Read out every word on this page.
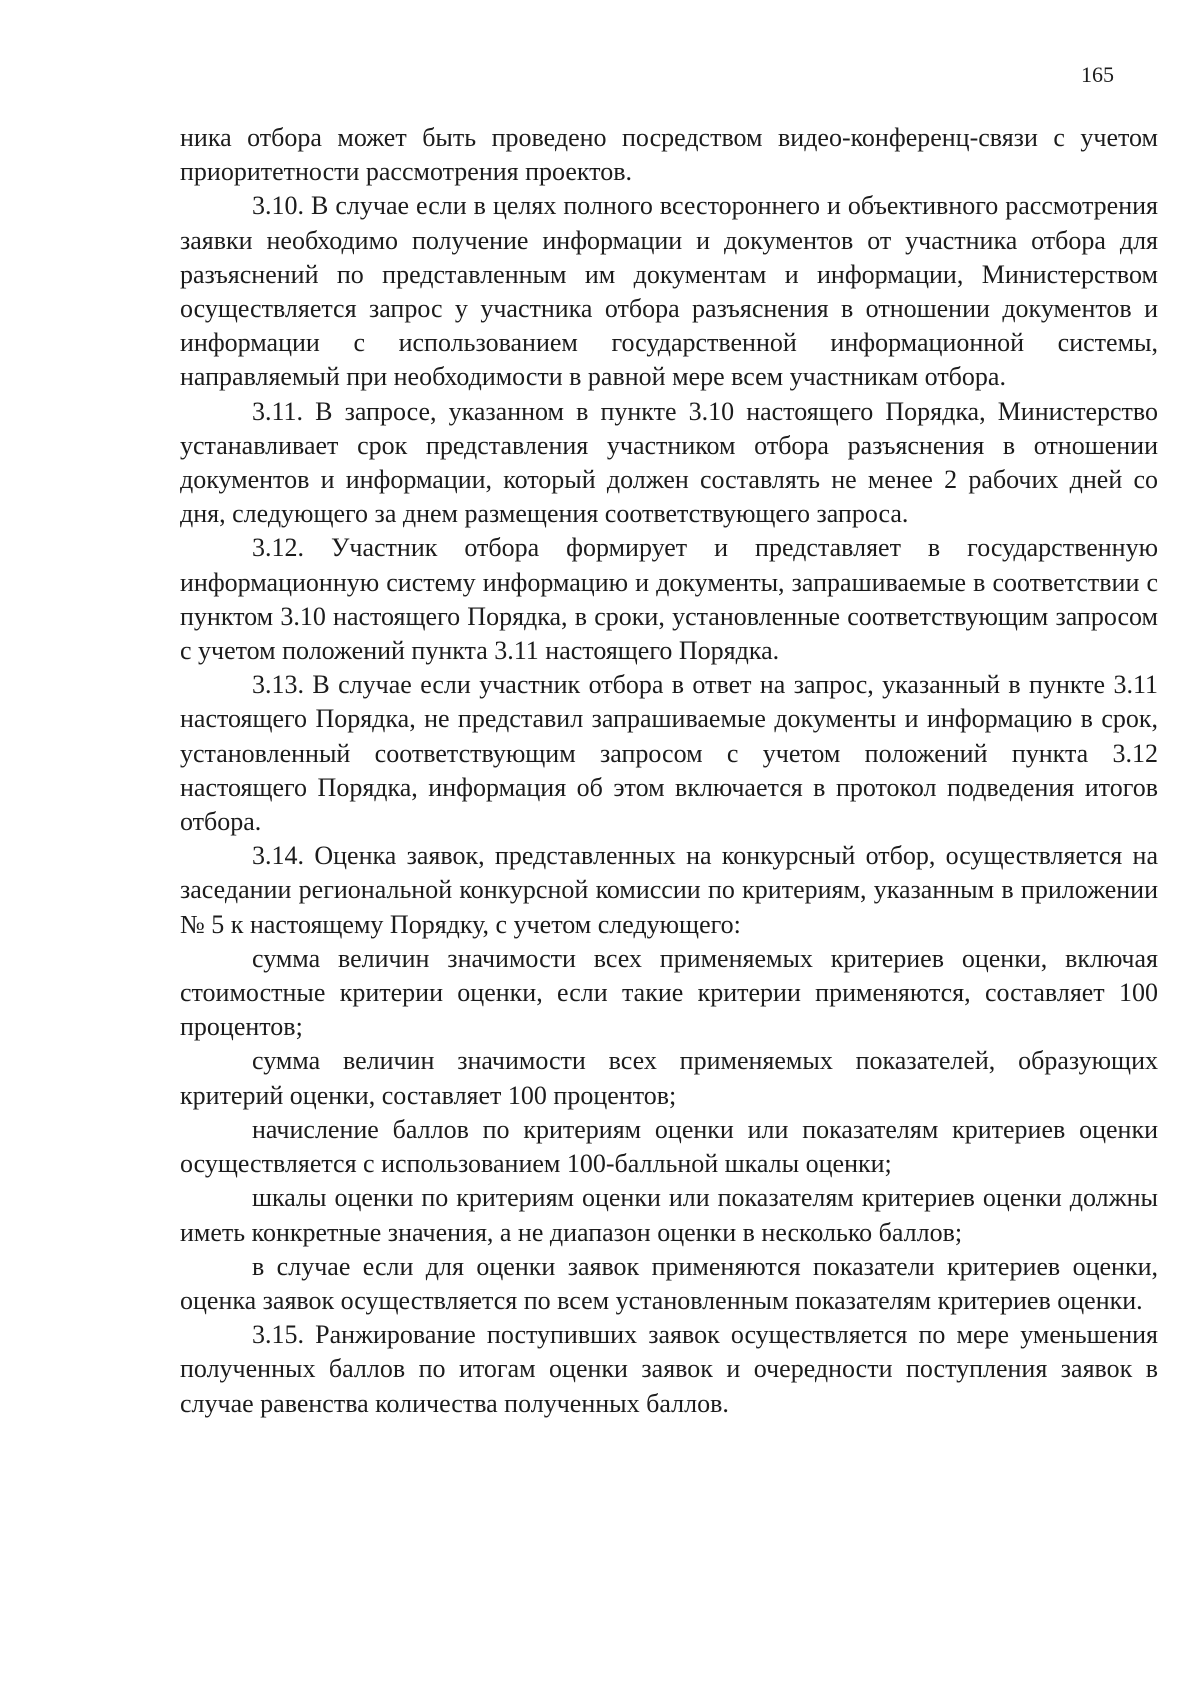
165

ника отбора может быть проведено посредством видео-конференц-связи с учетом приоритетности рассмотрения проектов.

3.10. В случае если в целях полного всестороннего и объективного рассмотрения заявки необходимо получение информации и документов от участника отбора для разъяснений по представленным им документам и информации, Министерством осуществляется запрос у участника отбора разъяснения в отношении документов и информации с использованием государственной информационной системы, направляемый при необходимости в равной мере всем участникам отбора.

3.11. В запросе, указанном в пункте 3.10 настоящего Порядка, Министерство устанавливает срок представления участником отбора разъяснения в отношении документов и информации, который должен составлять не менее 2 рабочих дней со дня, следующего за днем размещения соответствующего запроса.

3.12. Участник отбора формирует и представляет в государственную информационную систему информацию и документы, запрашиваемые в соответствии с пунктом 3.10 настоящего Порядка, в сроки, установленные соответствующим запросом с учетом положений пункта 3.11 настоящего Порядка.

3.13. В случае если участник отбора в ответ на запрос, указанный в пункте 3.11 настоящего Порядка, не представил запрашиваемые документы и информацию в срок, установленный соответствующим запросом с учетом положений пункта 3.12 настоящего Порядка, информация об этом включается в протокол подведения итогов отбора.

3.14. Оценка заявок, представленных на конкурсный отбор, осуществляется на заседании региональной конкурсной комиссии по критериям, указанным в приложении № 5 к настоящему Порядку, с учетом следующего:

сумма величин значимости всех применяемых критериев оценки, включая стоимостные критерии оценки, если такие критерии применяются, составляет 100 процентов;

сумма величин значимости всех применяемых показателей, образующих критерий оценки, составляет 100 процентов;

начисление баллов по критериям оценки или показателям критериев оценки осуществляется с использованием 100-балльной шкалы оценки;

шкалы оценки по критериям оценки или показателям критериев оценки должны иметь конкретные значения, а не диапазон оценки в несколько баллов;

в случае если для оценки заявок применяются показатели критериев оценки, оценка заявок осуществляется по всем установленным показателям критериев оценки.

3.15. Ранжирование поступивших заявок осуществляется по мере уменьшения полученных баллов по итогам оценки заявок и очередности поступления заявок в случае равенства количества полученных баллов.
